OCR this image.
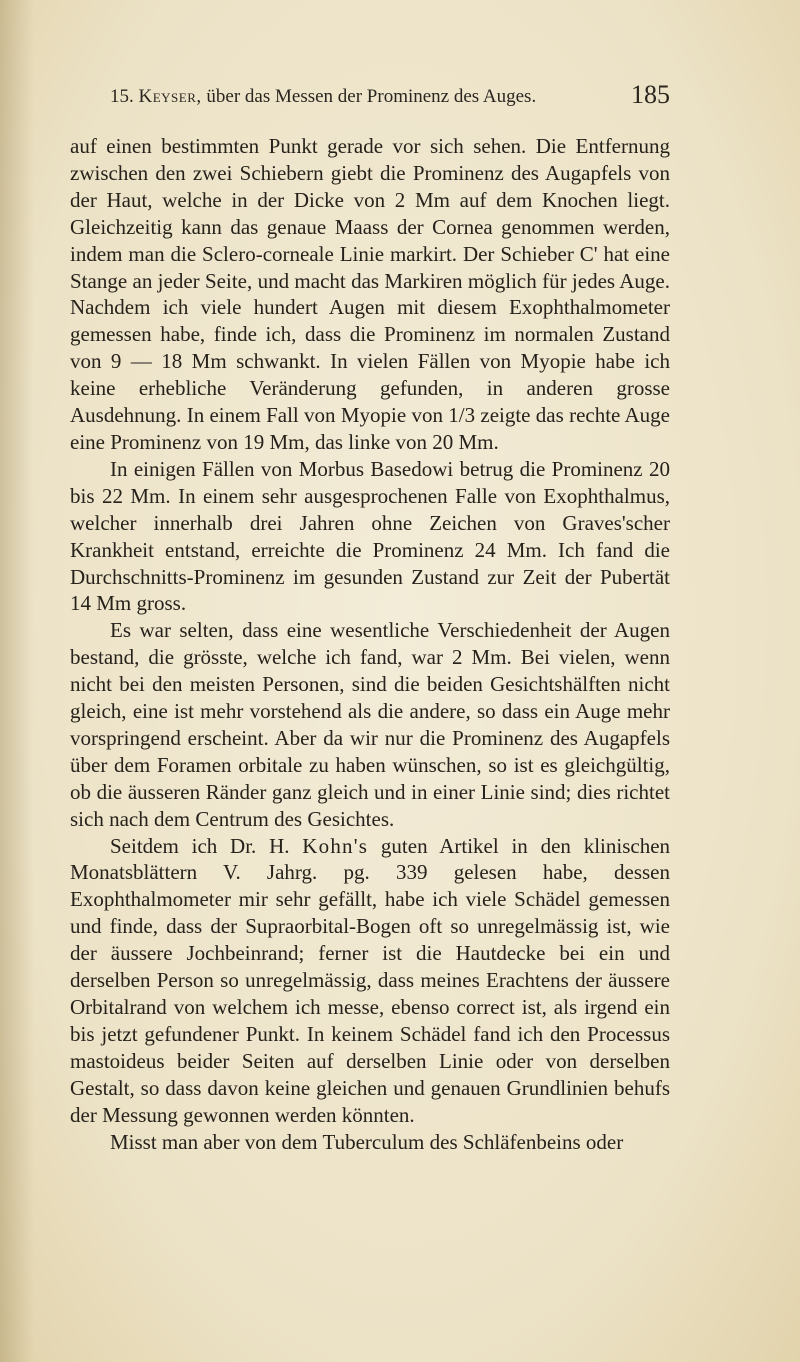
15. Keyser, über das Messen der Prominenz des Auges.	185

auf einen bestimmten Punkt gerade vor sich sehen. Die Entfernung zwischen den zwei Schiebern giebt die Prominenz des Augapfels von der Haut, welche in der Dicke von 2 Mm auf dem Knochen liegt. Gleichzeitig kann das genaue Maass der Cornea genommen werden, indem man die Sclero-corneale Linie markirt. Der Schieber C' hat eine Stange an jeder Seite, und macht das Markiren möglich für jedes Auge. Nachdem ich viele hundert Augen mit diesem Exophthalmometer gemessen habe, finde ich, dass die Prominenz im normalen Zustand von 9 — 18 Mm schwankt. In vielen Fällen von Myopie habe ich keine erhebliche Veränderung gefunden, in anderen grosse Ausdehnung. In einem Fall von Myopie von 1/3 zeigte das rechte Auge eine Prominenz von 19 Mm, das linke von 20 Mm.

In einigen Fällen von Morbus Basedowi betrug die Prominenz 20 bis 22 Mm. In einem sehr ausgesprochenen Falle von Exophthalmus, welcher innerhalb drei Jahren ohne Zeichen von Graves'scher Krankheit entstand, erreichte die Prominenz 24 Mm. Ich fand die Durchschnitts-Prominenz im gesunden Zustand zur Zeit der Pubertät 14 Mm gross.

Es war selten, dass eine wesentliche Verschiedenheit der Augen bestand, die grösste, welche ich fand, war 2 Mm. Bei vielen, wenn nicht bei den meisten Personen, sind die beiden Gesichtshälften nicht gleich, eine ist mehr vorstehend als die andere, so dass ein Auge mehr vorspringend erscheint. Aber da wir nur die Prominenz des Augapfels über dem Foramen orbitale zu haben wünschen, so ist es gleichgültig, ob die äusseren Ränder ganz gleich und in einer Linie sind; dies richtet sich nach dem Centrum des Gesichtes.

Seitdem ich Dr. H. Kohn's guten Artikel in den klinischen Monatsblättern V. Jahrg. pg. 339 gelesen habe, dessen Exophthalmometer mir sehr gefällt, habe ich viele Schädel gemessen und finde, dass der Supraorbital-Bogen oft so unregelmässig ist, wie der äussere Jochbeinrand; ferner ist die Hautdecke bei ein und derselben Person so unregelmässig, dass meines Erachtens der äussere Orbitalrand von welchem ich messe, ebenso correct ist, als irgend ein bis jetzt gefundener Punkt. In keinem Schädel fand ich den Processus mastoideus beider Seiten auf derselben Linie oder von derselben Gestalt, so dass davon keine gleichen und genauen Grundlinien behufs der Messung gewonnen werden könnten.

Misst man aber von dem Tuberculum des Schläfenbeins oder
